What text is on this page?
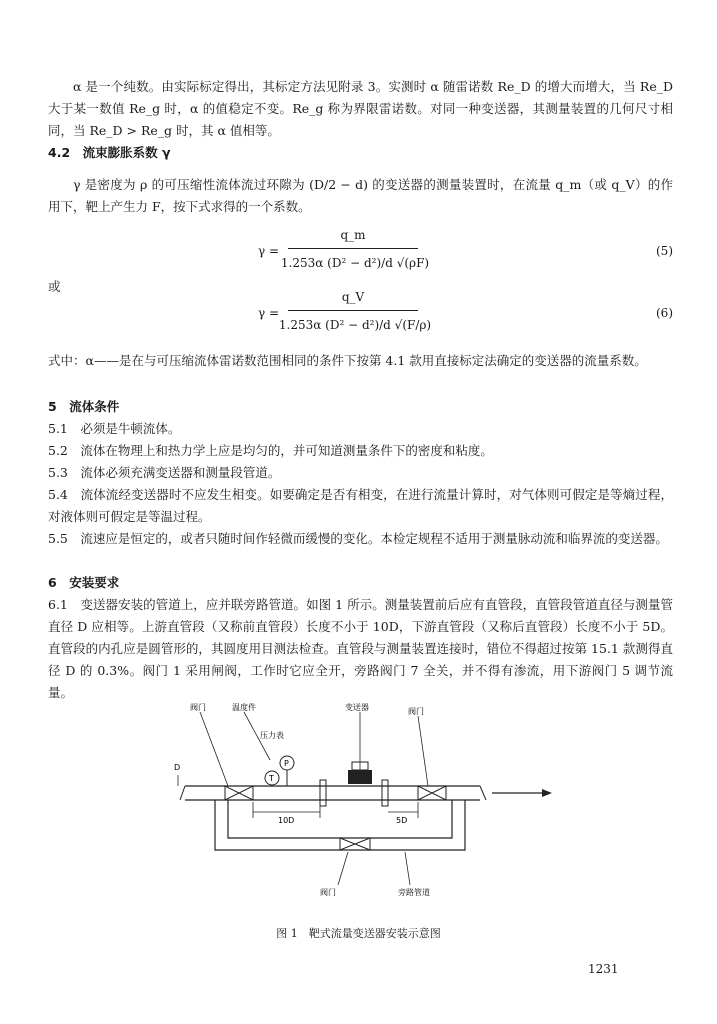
α 是一个纯数。由实际标定得出，其标定方法见附录 3。实测时 α 随雷诺数 Re_D 的增大而增大，当 Re_D 大于某一数值 Re_g 时，α 的值稳定不变。Re_g 称为界限雷诺数。对同一种变送器，其测量装置的几何尺寸相同，当 Re_D > Re_g 时，其 α 值相等。
4.2　流束膨胀系数 γ
γ 是密度为 ρ 的可压缩性流体流过环隙为 (D/2 − d) 的变送器的测量装置时，在流量 q_m（或 q_V）的作用下，靶上产生力 F，按下式求得的一个系数。
γ =
q_m
1.253α (D² − d²)/d √(ρF)
(5)
或
γ =
q_V
1.253α (D² − d²)/d √(F/ρ)
(6)
式中：α——是在与可压缩流体雷诺数范围相同的条件下按第 4.1 款用直接标定法确定的变送器的流量系数。
5　流体条件
5.1　必须是牛顿流体。
5.2　流体在物理上和热力学上应是均匀的，并可知道测量条件下的密度和粘度。
5.3　流体必须充满变送器和测量段管道。
5.4　流体流经变送器时不应发生相变。如要确定是否有相变，在进行流量计算时，对气体则可假定是等熵过程，对液体则可假定是等温过程。
5.5　流速应是恒定的，或者只随时间作轻微而缓慢的变化。本检定规程不适用于测量脉动流和临界流的变送器。
6　安装要求
6.1　变送器安装的管道上，应并联旁路管道。如图 1 所示。测量装置前后应有直管段，直管段管道直径与测量管直径 D 应相等。上游直管段（又称前直管段）长度不小于 10D，下游直管段（又称后直管段）长度不小于 5D。直管段的内孔应是圆管形的，其圆度用目测法检查。直管段与测量装置连接时，错位不得超过按第 15.1 款测得直径 D 的 0.3%。阀门 1 采用闸阀，工作时它应全开，旁路阀门 7 全关，并不得有渗流，用下游阀门 5 调节流量。
阀门	温度件
压力表
变送器	阀门
T
P
D
10D	5D
阀门	旁路管道
图 1　靶式流量变送器安装示意图
1231
